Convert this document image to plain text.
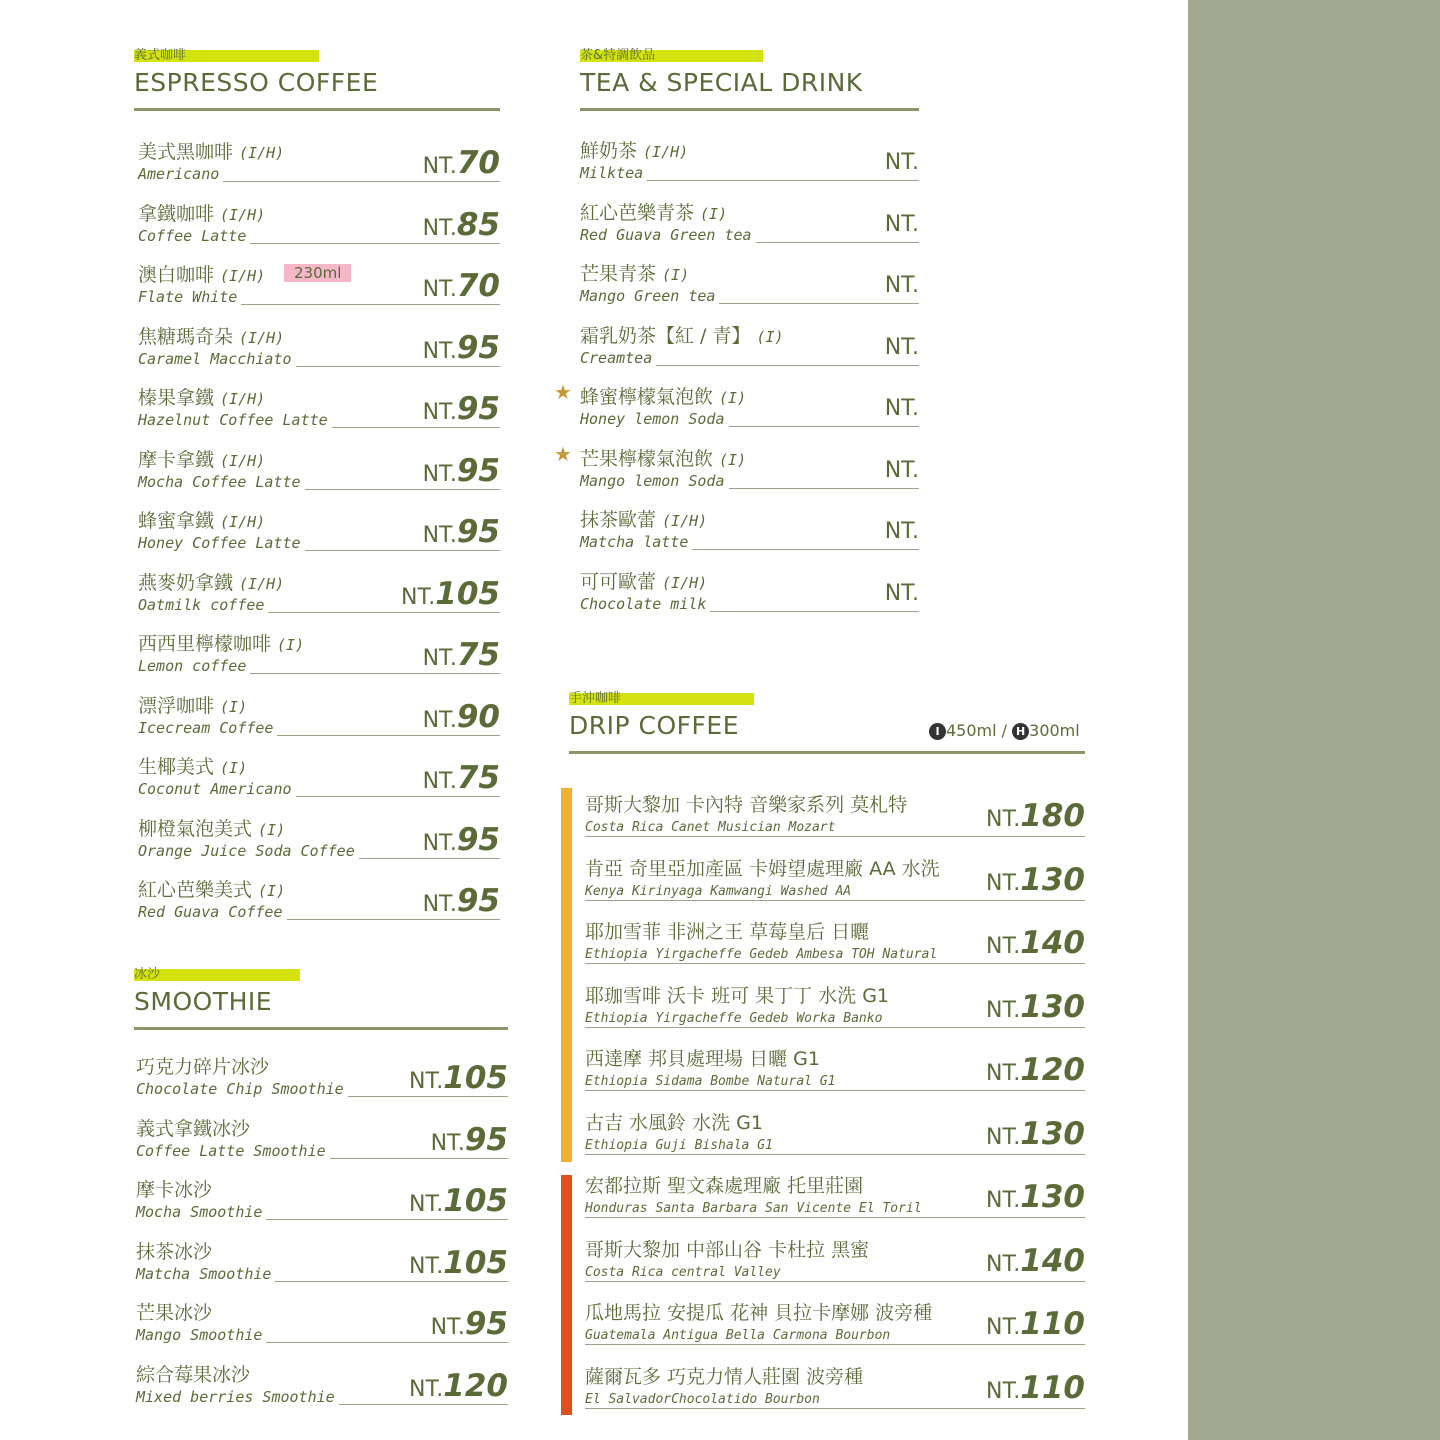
義式咖啡
ESPRESSO COFFEE
美式黑咖啡 (I/H)
Americano	NT.70
拿鐵咖啡 (I/H)
Coffee Latte	NT.85
澳白咖啡 (I/H)	230ml
Flate White	NT.70
焦糖瑪奇朵 (I/H)
Caramel Macchiato	NT.95
榛果拿鐵 (I/H)
Hazelnut Coffee Latte	NT.95
摩卡拿鐵 (I/H)
Mocha Coffee Latte	NT.95
蜂蜜拿鐵 (I/H)
Honey Coffee Latte	NT.95
燕麥奶拿鐵 (I/H)
Oatmilk coffee	NT.105
西西里檸檬咖啡 (I)
Lemon coffee	NT.75
漂浮咖啡 (I)
Icecream Coffee	NT.90
生椰美式 (I)
Coconut Americano	NT.75
柳橙氣泡美式 (I)
Orange Juice Soda Coffee	NT.95
紅心芭樂美式 (I)
Red Guava Coffee	NT.95
冰沙
SMOOTHIE
巧克力碎片冰沙
Chocolate Chip Smoothie	NT.105
義式拿鐵冰沙
Coffee Latte Smoothie	NT.95
摩卡冰沙
Mocha Smoothie	NT.105
抹茶冰沙
Matcha Smoothie	NT.105
芒果冰沙
Mango Smoothie	NT.95
綜合莓果冰沙
Mixed berries Smoothie	NT.120
茶&特調飲品
TEA & SPECIAL DRINK
鮮奶茶 (I/H)
Milktea	NT.
紅心芭樂青茶 (I)
Red Guava Green tea	NT.
芒果青茶 (I)
Mango Green tea	NT.
霜乳奶茶【紅 / 青】 (I)
Creamtea	NT.
★ 蜂蜜檸檬氣泡飲 (I)
Honey lemon Soda	NT.
★ 芒果檸檬氣泡飲 (I)
Mango lemon Soda	NT.
抹茶歐蕾 (I/H)
Matcha latte	NT.
可可歐蕾 (I/H)
Chocolate milk	NT.
手沖咖啡
DRIP COFFEE	I 450ml / H 300ml
哥斯大黎加 卡內特 音樂家系列 莫札特
Costa Rica Canet Musician Mozart	NT.180
肯亞 奇里亞加產區 卡姆望處理廠 AA 水洗
Kenya Kirinyaga Kamwangi Washed AA	NT.130
耶加雪菲 非洲之王 草莓皇后 日曬
Ethiopia Yirgacheffe Gedeb Ambesa TOH Natural NT.140
耶珈雪啡 沃卡 班可 果丁丁 水洗 G1
Ethiopia Yirgacheffe Gedeb Worka Banko	NT.130
西達摩 邦貝處理場 日曬 G1
Ethiopia Sidama Bombe Natural G1	NT.120
古吉 水風鈴 水洗 G1
Ethiopia Guji Bishala G1	NT.130
宏都拉斯 聖文森處理廠 托里莊園
Honduras Santa Barbara San Vicente El Toril	NT.130
哥斯大黎加 中部山谷 卡杜拉 黑蜜
Costa Rica central Valley	NT.140
瓜地馬拉 安提瓜 花神 貝拉卡摩娜 波旁種
Guatemala Antigua Bella Carmona Bourbon	NT.110
薩爾瓦多 巧克力情人莊園 波旁種
El SalvadorChocolatido Bourbon	NT.110
